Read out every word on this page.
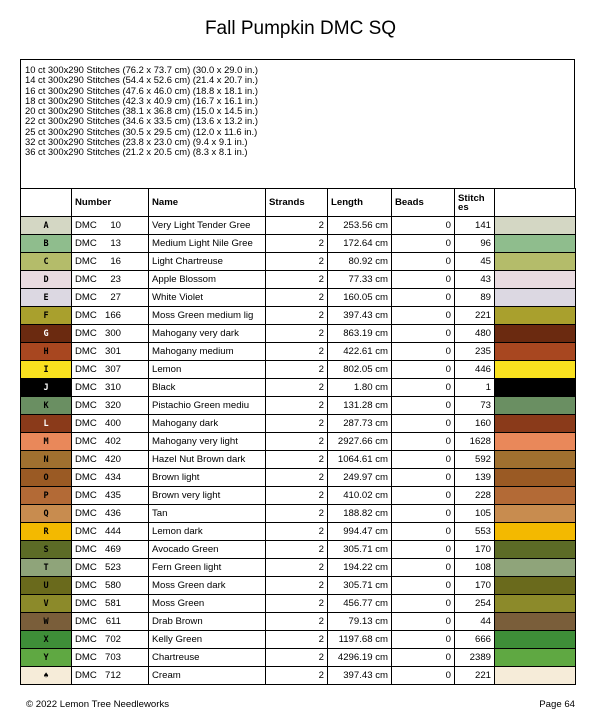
Fall Pumpkin DMC SQ
10 ct 300x290 Stitches (76.2 x 73.7 cm) (30.0 x 29.0 in.)
14 ct 300x290 Stitches (54.4 x 52.6 cm) (21.4 x 20.7 in.)
16 ct 300x290 Stitches (47.6 x 46.0 cm) (18.8 x 18.1 in.)
18 ct 300x290 Stitches (42.3 x 40.9 cm) (16.7 x 16.1 in.)
20 ct 300x290 Stitches (38.1 x 36.8 cm) (15.0 x 14.5 in.)
22 ct 300x290 Stitches (34.6 x 33.5 cm) (13.6 x 13.2 in.)
25 ct 300x290 Stitches (30.5 x 29.5 cm) (12.0 x 11.6 in.)
32 ct 300x290 Stitches (23.8 x 23.0 cm) (9.4 x 9.1 in.)
36 ct 300x290 Stitches (21.2 x 20.5 cm) (8.3 x 8.1 in.)
	Number	Name	Strands	Length	Beads	Stitch
es	
A	DMC 10	Very Light Tender Gree	2	253.56 cm	0	141	
B	DMC 13	Medium Light Nile Gree	2	172.64 cm	0	96	
C	DMC 16	Light Chartreuse	2	80.92 cm	0	45	
D	DMC 23	Apple Blossom	2	77.33 cm	0	43	
E	DMC 27	White Violet	2	160.05 cm	0	89	
F	DMC 166	Moss Green medium lig	2	397.43 cm	0	221	
G	DMC 300	Mahogany very dark	2	863.19 cm	0	480	
H	DMC 301	Mahogany medium	2	422.61 cm	0	235	
I	DMC 307	Lemon	2	802.05 cm	0	446	
J	DMC 310	Black	2	1.80 cm	0	1	
K	DMC 320	Pistachio Green mediu	2	131.28 cm	0	73	
L	DMC 400	Mahogany dark	2	287.73 cm	0	160	
M	DMC 402	Mahogany very light	2	2927.66 cm	0	1628	
N	DMC 420	Hazel Nut Brown dark	2	1064.61 cm	0	592	
O	DMC 434	Brown light	2	249.97 cm	0	139	
P	DMC 435	Brown very light	2	410.02 cm	0	228	
Q	DMC 436	Tan	2	188.82 cm	0	105	
R	DMC 444	Lemon dark	2	994.47 cm	0	553	
S	DMC 469	Avocado Green	2	305.71 cm	0	170	
T	DMC 523	Fern Green light	2	194.22 cm	0	108	
U	DMC 580	Moss Green dark	2	305.71 cm	0	170	
V	DMC 581	Moss Green	2	456.77 cm	0	254	
W	DMC 611	Drab Brown	2	79.13 cm	0	44	
X	DMC 702	Kelly Green	2	1197.68 cm	0	666	
Y	DMC 703	Chartreuse	2	4296.19 cm	0	2389	
♠	DMC 712	Cream	2	397.43 cm	0	221	
© 2022 Lemon Tree Needleworks	Page 64
